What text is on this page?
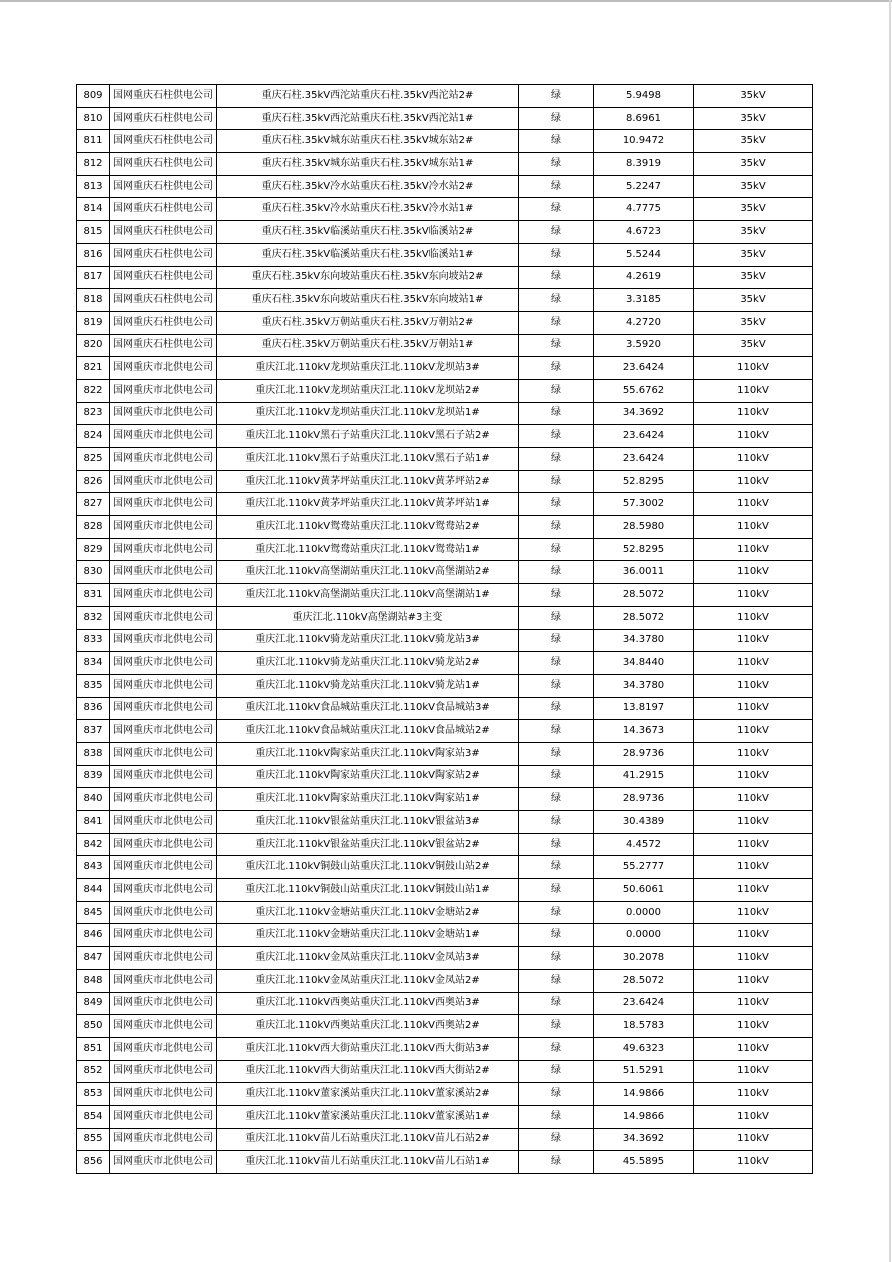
809	国网重庆石柱供电公司	重庆石柱.35kV西沱站重庆石柱.35kV西沱站2#	绿	5.9498	35kV
810	国网重庆石柱供电公司	重庆石柱.35kV西沱站重庆石柱.35kV西沱站1#	绿	8.6961	35kV
811	国网重庆石柱供电公司	重庆石柱.35kV城东站重庆石柱.35kV城东站2#	绿	10.9472	35kV
812	国网重庆石柱供电公司	重庆石柱.35kV城东站重庆石柱.35kV城东站1#	绿	8.3919	35kV
813	国网重庆石柱供电公司	重庆石柱.35kV冷水站重庆石柱.35kV冷水站2#	绿	5.2247	35kV
814	国网重庆石柱供电公司	重庆石柱.35kV冷水站重庆石柱.35kV冷水站1#	绿	4.7775	35kV
815	国网重庆石柱供电公司	重庆石柱.35kV临溪站重庆石柱.35kV临溪站2#	绿	4.6723	35kV
816	国网重庆石柱供电公司	重庆石柱.35kV临溪站重庆石柱.35kV临溪站1#	绿	5.5244	35kV
817	国网重庆石柱供电公司	重庆石柱.35kV东向坡站重庆石柱.35kV东向坡站2#	绿	4.2619	35kV
818	国网重庆石柱供电公司	重庆石柱.35kV东向坡站重庆石柱.35kV东向坡站1#	绿	3.3185	35kV
819	国网重庆石柱供电公司	重庆石柱.35kV万朝站重庆石柱.35kV万朝站2#	绿	4.2720	35kV
820	国网重庆石柱供电公司	重庆石柱.35kV万朝站重庆石柱.35kV万朝站1#	绿	3.5920	35kV
821	国网重庆市北供电公司	重庆江北.110kV龙坝站重庆江北.110kV龙坝站3#	绿	23.6424	110kV
822	国网重庆市北供电公司	重庆江北.110kV龙坝站重庆江北.110kV龙坝站2#	绿	55.6762	110kV
823	国网重庆市北供电公司	重庆江北.110kV龙坝站重庆江北.110kV龙坝站1#	绿	34.3692	110kV
824	国网重庆市北供电公司	重庆江北.110kV黑石子站重庆江北.110kV黑石子站2#	绿	23.6424	110kV
825	国网重庆市北供电公司	重庆江北.110kV黑石子站重庆江北.110kV黑石子站1#	绿	23.6424	110kV
826	国网重庆市北供电公司	重庆江北.110kV黄茅坪站重庆江北.110kV黄茅坪站2#	绿	52.8295	110kV
827	国网重庆市北供电公司	重庆江北.110kV黄茅坪站重庆江北.110kV黄茅坪站1#	绿	57.3002	110kV
828	国网重庆市北供电公司	重庆江北.110kV鸳鸯站重庆江北.110kV鸳鸯站2#	绿	28.5980	110kV
829	国网重庆市北供电公司	重庆江北.110kV鸳鸯站重庆江北.110kV鸳鸯站1#	绿	52.8295	110kV
830	国网重庆市北供电公司	重庆江北.110kV高堡湖站重庆江北.110kV高堡湖站2#	绿	36.0011	110kV
831	国网重庆市北供电公司	重庆江北.110kV高堡湖站重庆江北.110kV高堡湖站1#	绿	28.5072	110kV
832	国网重庆市北供电公司	重庆江北.110kV高堡湖站#3主变	绿	28.5072	110kV
833	国网重庆市北供电公司	重庆江北.110kV骑龙站重庆江北.110kV骑龙站3#	绿	34.3780	110kV
834	国网重庆市北供电公司	重庆江北.110kV骑龙站重庆江北.110kV骑龙站2#	绿	34.8440	110kV
835	国网重庆市北供电公司	重庆江北.110kV骑龙站重庆江北.110kV骑龙站1#	绿	34.3780	110kV
836	国网重庆市北供电公司	重庆江北.110kV食品城站重庆江北.110kV食品城站3#	绿	13.8197	110kV
837	国网重庆市北供电公司	重庆江北.110kV食品城站重庆江北.110kV食品城站2#	绿	14.3673	110kV
838	国网重庆市北供电公司	重庆江北.110kV陶家站重庆江北.110kV陶家站3#	绿	28.9736	110kV
839	国网重庆市北供电公司	重庆江北.110kV陶家站重庆江北.110kV陶家站2#	绿	41.2915	110kV
840	国网重庆市北供电公司	重庆江北.110kV陶家站重庆江北.110kV陶家站1#	绿	28.9736	110kV
841	国网重庆市北供电公司	重庆江北.110kV银盆站重庆江北.110kV银盆站3#	绿	30.4389	110kV
842	国网重庆市北供电公司	重庆江北.110kV银盆站重庆江北.110kV银盆站2#	绿	4.4572	110kV
843	国网重庆市北供电公司	重庆江北.110kV铜鼓山站重庆江北.110kV铜鼓山站2#	绿	55.2777	110kV
844	国网重庆市北供电公司	重庆江北.110kV铜鼓山站重庆江北.110kV铜鼓山站1#	绿	50.6061	110kV
845	国网重庆市北供电公司	重庆江北.110kV金塘站重庆江北.110kV金塘站2#	绿	0.0000	110kV
846	国网重庆市北供电公司	重庆江北.110kV金塘站重庆江北.110kV金塘站1#	绿	0.0000	110kV
847	国网重庆市北供电公司	重庆江北.110kV金凤站重庆江北.110kV金凤站3#	绿	30.2078	110kV
848	国网重庆市北供电公司	重庆江北.110kV金凤站重庆江北.110kV金凤站2#	绿	28.5072	110kV
849	国网重庆市北供电公司	重庆江北.110kV西奥站重庆江北.110kV西奥站3#	绿	23.6424	110kV
850	国网重庆市北供电公司	重庆江北.110kV西奥站重庆江北.110kV西奥站2#	绿	18.5783	110kV
851	国网重庆市北供电公司	重庆江北.110kV西大街站重庆江北.110kV西大街站3#	绿	49.6323	110kV
852	国网重庆市北供电公司	重庆江北.110kV西大街站重庆江北.110kV西大街站2#	绿	51.5291	110kV
853	国网重庆市北供电公司	重庆江北.110kV董家溪站重庆江北.110kV董家溪站2#	绿	14.9866	110kV
854	国网重庆市北供电公司	重庆江北.110kV董家溪站重庆江北.110kV董家溪站1#	绿	14.9866	110kV
855	国网重庆市北供电公司	重庆江北.110kV苗儿石站重庆江北.110kV苗儿石站2#	绿	34.3692	110kV
856	国网重庆市北供电公司	重庆江北.110kV苗儿石站重庆江北.110kV苗儿石站1#	绿	45.5895	110kV
